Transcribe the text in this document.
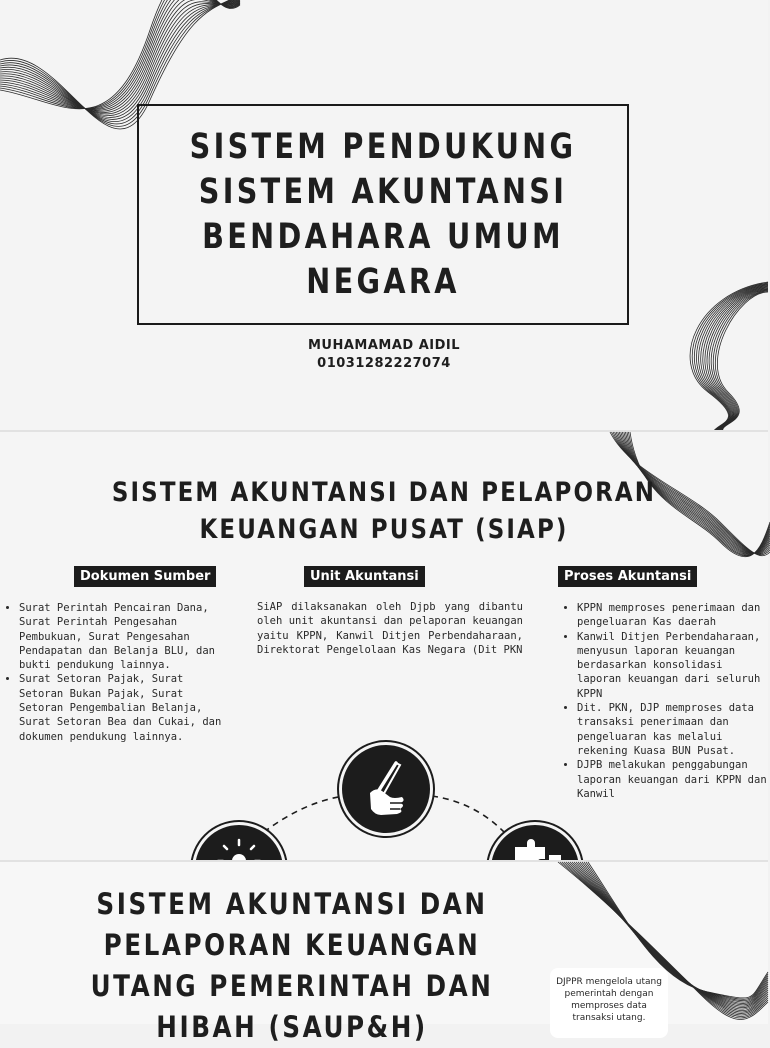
SISTEM PENDUKUNG SISTEM AKUNTANSI BENDAHARA UMUM NEGARA
MUHAMAMAD AIDIL
01031282227074
SISTEM AKUNTANSI DAN PELAPORAN KEUANGAN PUSAT (SIAP)
Dokumen Sumber	Unit Akuntansi	Proses Akuntansi
• Surat Perintah Pencairan Dana, Surat Perintah Pengesahan Pembukuan, Surat Pengesahan Pendapatan dan Belanja BLU, dan bukti pendukung lainnya.
• Surat Setoran Pajak, Surat Setoran Bukan Pajak, Surat Setoran Pengembalian Belanja, Surat Setoran Bea dan Cukai, dan dokumen pendukung lainnya.
SiAP dilaksanakan oleh Djpb yang dibantu oleh unit akuntansi dan pelaporan keuangan yaitu KPPN, Kanwil Ditjen Perbendaharaan, Direktorat Pengelolaan Kas Negara (Dit PKN
• KPPN memproses penerimaan dan pengeluaran Kas daerah
• Kanwil Ditjen Perbendaharaan, menyusun laporan keuangan berdasarkan konsolidasi laporan keuangan dari seluruh KPPN
• Dit. PKN, DJP memproses data transaksi penerimaan dan pengeluaran kas melalui rekening Kuasa BUN Pusat.
• DJPB melakukan penggabungan laporan keuangan dari KPPN dan Kanwil
SISTEM AKUNTANSI DAN PELAPORAN KEUANGAN UTANG PEMERINTAH DAN HIBAH (SAUP&H)
DJPPR mengelola utang pemerintah dengan memproses data transaksi utang.
